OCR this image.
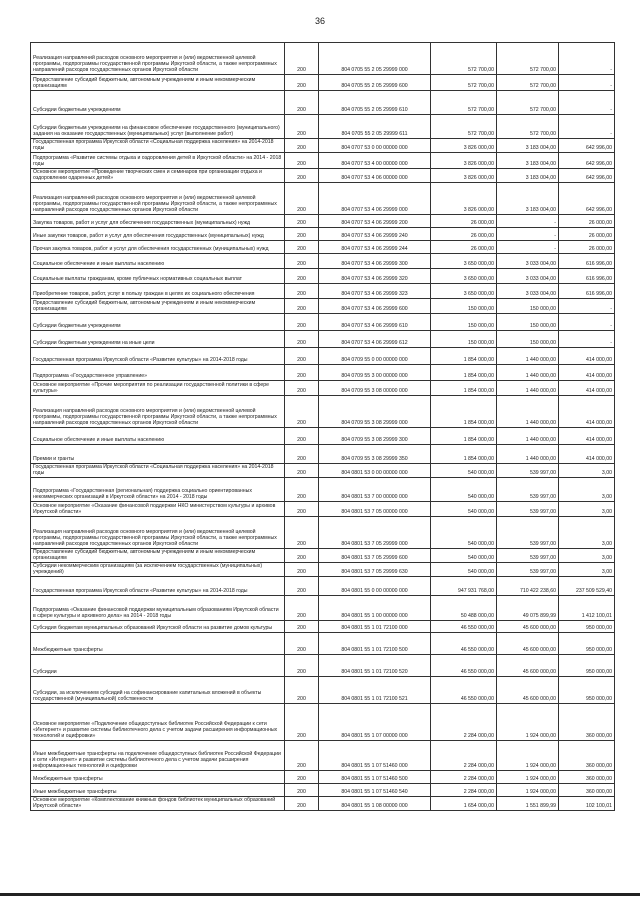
36
Реализация направлений расходов основного мероприятия и (или) ведомственной целевой программы, подпрограммы государственной программы Иркутской области, а также непрограммных направлений расходов государственных органов Иркутской области	200	804 0705 55 2 05 29999 000	572 700,00	572 700,00	-
Предоставление субсидий бюджетным, автономным учреждениям и иным некоммерческим организациям	200	804 0705 55 2 05 29999 600	572 700,00	572 700,00	-
Субсидии бюджетным учреждениям	200	804 0705 55 2 05 29999 610	572 700,00	572 700,00	-
Субсидии бюджетным учреждениям на финансовое обеспечение государственного (муниципального) задания на оказание государственных (муниципальных) услуг (выполнение работ)	200	804 0705 55 2 05 29999 611	572 700,00	572 700,00	-
Государственная программа Иркутской области «Социальная поддержка населения» на 2014-2018 годы	200	804 0707 53 0 00 00000 000	3 826 000,00	3 183 004,00	642 996,00
Подпрограмма «Развитие системы отдыха и оздоровления детей в Иркутской области» на 2014 - 2018 годы	200	804 0707 53 4 00 00000 000	3 826 000,00	3 183 004,00	642 996,00
Основное мероприятие «Проведение творческих смен и семинаров при организации отдыха и оздоровлении одаренных детей»	200	804 0707 53 4 06 00000 000	3 826 000,00	3 183 004,00	642 996,00
Реализация направлений расходов основного мероприятия и (или) ведомственной целевой программы, подпрограммы государственной программы Иркутской области, а также непрограммных направлений расходов государственных органов Иркутской области	200	804 0707 53 4 06 29999 000	3 826 000,00	3 183 004,00	642 996,00
Закупка товаров, работ и услуг для обеспечения государственных (муниципальных) нужд	200	804 0707 53 4 06 29999 200	26 000,00	-	26 000,00
Иные закупки товаров, работ и услуг для обеспечения государственных (муниципальных) нужд	200	804 0707 53 4 06 29999 240	26 000,00	-	26 000,00
Прочая закупка товаров, работ и услуг для обеспечения государственных (муниципальных) нужд	200	804 0707 53 4 06 29999 244	26 000,00	-	26 000,00
Социальное обеспечение и иные выплаты населению	200	804 0707 53 4 06 29999 300	3 650 000,00	3 033 004,00	616 996,00
Социальные выплаты гражданам, кроме публичных нормативных социальных выплат	200	804 0707 53 4 06 29999 320	3 650 000,00	3 033 004,00	616 996,00
Приобретение товаров, работ, услуг в пользу граждан в целях их социального обеспечения	200	804 0707 53 4 06 29999 323	3 650 000,00	3 033 004,00	616 996,00
Предоставление субсидий бюджетным, автономным учреждениям и иным некоммерческим организациям	200	804 0707 53 4 06 29999 600	150 000,00	150 000,00	-
Субсидии бюджетным учреждениям	200	804 0707 53 4 06 29999 610	150 000,00	150 000,00	-
Субсидии бюджетным учреждениям на иные цели	200	804 0707 53 4 06 29999 612	150 000,00	150 000,00	-
Государственная программа Иркутской области «Развитие культуры» на 2014-2018 годы	200	804 0709 55 0 00 00000 000	1 854 000,00	1 440 000,00	414 000,00
Подпрограмма «Государственное управление»	200	804 0709 55 3 00 00000 000	1 854 000,00	1 440 000,00	414 000,00
Основное мероприятие «Прочие мероприятия по реализации государственной политики в сфере культуры»	200	804 0709 55 3 08 00000 000	1 854 000,00	1 440 000,00	414 000,00
Реализация направлений расходов основного мероприятия и (или) ведомственной целевой программы, подпрограммы государственной программы Иркутской области, а также непрограммных направлений расходов государственных органов Иркутской области	200	804 0709 55 3 08 29999 000	1 854 000,00	1 440 000,00	414 000,00
Социальное обеспечение и иные выплаты населению	200	804 0709 55 3 08 29999 300	1 854 000,00	1 440 000,00	414 000,00
Премии и гранты	200	804 0709 55 3 08 29999 350	1 854 000,00	1 440 000,00	414 000,00
Государственная программа Иркутской области «Социальная поддержка населения» на 2014-2018 годы	200	804 0801 53 0 00 00000 000	540 000,00	539 997,00	3,00
Подпрограмма «Государственная (региональная) поддержка социально ориентированных некоммерческих организаций в Иркутской области» на 2014 - 2018 годы	200	804 0801 53 7 00 00000 000	540 000,00	539 997,00	3,00
Основное мероприятие «Оказание финансовой поддержки НКО министерством культуры и архивов Иркутской области»	200	804 0801 53 7 05 00000 000	540 000,00	539 997,00	3,00
Реализация направлений расходов основного мероприятия и (или) ведомственной целевой программы, подпрограммы государственной программы Иркутской области, а также непрограммных направлений расходов государственных органов Иркутской области	200	804 0801 53 7 05 29999 000	540 000,00	539 997,00	3,00
Предоставление субсидий бюджетным, автономным учреждениям и иным некоммерческим организациям	200	804 0801 53 7 05 29999 600	540 000,00	539 997,00	3,00
Субсидии некоммерческим организациям (за исключением государственных (муниципальных) учреждений)	200	804 0801 53 7 05 29999 630	540 000,00	539 997,00	3,00
Государственная программа Иркутской области «Развитие культуры» на 2014-2018 годы	200	804 0801 55 0 00 00000 000	947 931 768,00	710 422 238,60	237 509 529,40
Подпрограмма «Оказание финансовой поддержки муниципальным образованиям Иркутской области в сфере культуры и архивного дела» на 2014 - 2018 годы	200	804 0801 55 1 00 00000 000	50 488 000,00	49 075 899,99	1 412 100,01
Субсидия бюджетам муниципальных образований Иркутской области на развитие домов культуры	200	804 0801 55 1 01 72100 000	46 550 000,00	45 600 000,00	950 000,00
Межбюджетные трансферты	200	804 0801 55 1 01 72100 500	46 550 000,00	45 600 000,00	950 000,00
Субсидии	200	804 0801 55 1 01 72100 520	46 550 000,00	45 600 000,00	950 000,00
Субсидии, за исключением субсидий на софинансирование капитальных вложений в объекты государственной (муниципальной) собственности	200	804 0801 55 1 01 72100 521	46 550 000,00	45 600 000,00	950 000,00
Основное мероприятие «Подключение общедоступных библиотек Российской Федерации к сети «Интернет» и развитие системы библиотечного дела с учетом задачи расширения информационных технологий и оцифровки»	200	804 0801 55 1 07 00000 000	2 284 000,00	1 924 000,00	360 000,00
Иные межбюджетные трансферты на подключение общедоступных библиотек Российской Федерации к сети «Интернет» и развитие системы библиотечного дела с учетом задачи расширения информационных технологий и оцифровки	200	804 0801 55 1 07 51460 000	2 284 000,00	1 924 000,00	360 000,00
Межбюджетные трансферты	200	804 0801 55 1 07 51460 500	2 284 000,00	1 924 000,00	360 000,00
Иные межбюджетные трансферты	200	804 0801 55 1 07 51460 540	2 284 000,00	1 924 000,00	360 000,00
Основное мероприятие «Комплектование книжных фондов библиотек муниципальных образований Иркутской области»	200	804 0801 55 1 08 00000 000	1 654 000,00	1 551 899,99	102 100,01
